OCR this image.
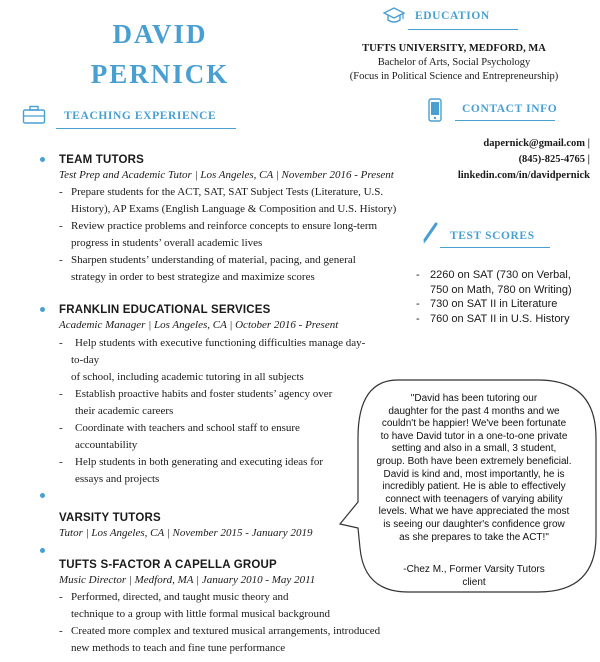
DAVID
PERNICK
TEACHING EXPERIENCE
TEAM TUTORS
Test Prep and Academic Tutor | Los Angeles, CA | November 2016 - Present
- Prepare students for the ACT, SAT, SAT Subject Tests (Literature, U.S.
History), AP Exams (English Language & Composition and U.S. History)
- Review practice problems and reinforce concepts to ensure long-term
progress in students’ overall academic lives
- Sharpen students’ understanding of material, pacing, and general
strategy in order to best strategize and maximize scores
FRANKLIN EDUCATIONAL SERVICES
Academic Manager | Los Angeles, CA | October 2016 - Present
- Help students with executive functioning difficulties manage day-
to-day
of school, including academic tutoring in all subjects
- Establish proactive habits and foster students’ agency over
their academic careers
- Coordinate with teachers and school staff to ensure
accountability
- Help students in both generating and executing ideas for
essays and projects
VARSITY TUTORS
Tutor | Los Angeles, CA | November 2015 - January 2019
TUFTS S-FACTOR A CAPELLA GROUP
Music Director | Medford, MA | January 2010 - May 2011
- Performed, directed, and taught music theory and
technique to a group with little formal musical background
- Created more complex and textured musical arrangements, introduced
new methods to teach and fine tune performance
EDUCATION
TUFTS UNIVERSITY, MEDFORD, MA
Bachelor of Arts, Social Psychology
(Focus in Political Science and Entrepreneurship)
CONTACT INFO
dapernick@gmail.com |
(845)-825-4765 |
linkedin.com/in/davidpernick
TEST SCORES
- 2260 on SAT (730 on Verbal,
750 on Math, 780 on Writing)
- 730 on SAT II in Literature
- 760 on SAT II in U.S. History
"David has been tutoring our
daughter for the past 4 months and we
couldn't be happier! We've been fortunate
to have David tutor in a one-to-one private
setting and also in a small, 3 student,
group. Both have been extremely beneficial.
David is kind and, most importantly, he is
incredibly patient. He is able to effectively
connect with teenagers of varying ability
levels. What we have appreciated the most
is seeing our daughter's confidence grow
as she prepares to take the ACT!"
-Chez M., Former Varsity Tutors
client
